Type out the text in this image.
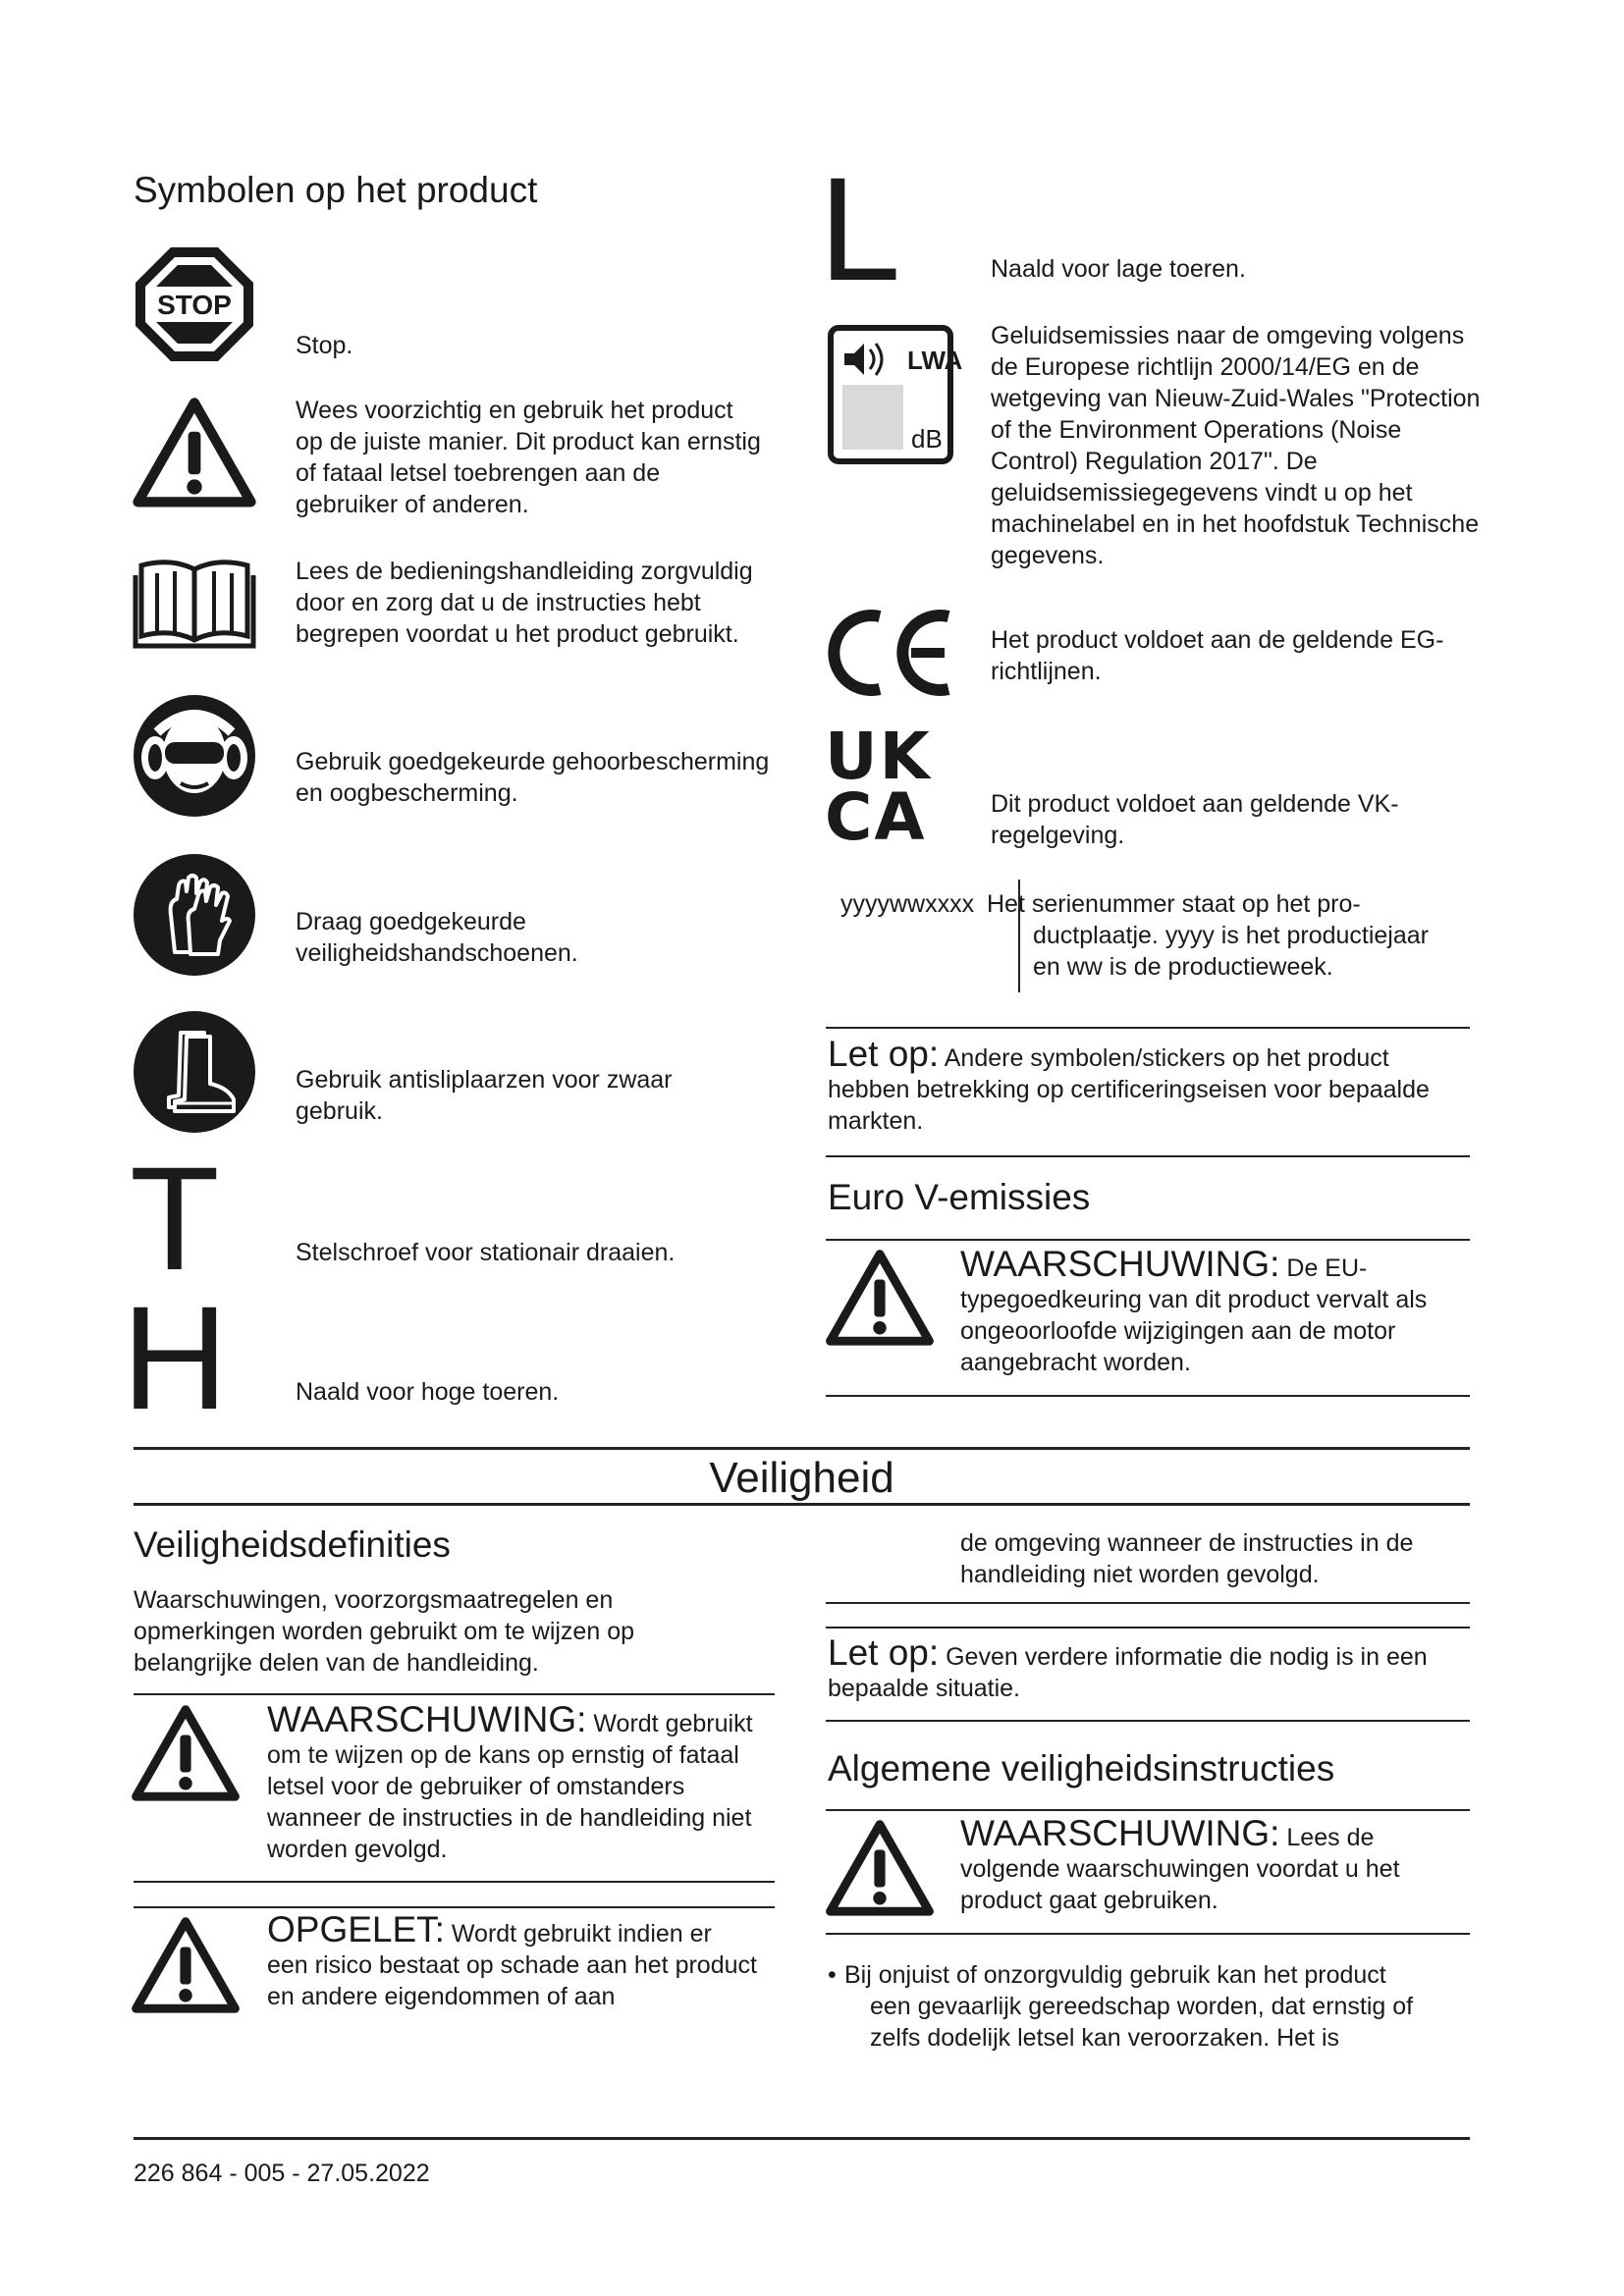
Symbolen op het product
STOP
Stop.
Wees voorzichtig en gebruik het product op de juiste manier. Dit product kan ernstig of fataal letsel toebrengen aan de gebruiker of anderen.
Lees de bedieningshandleiding zorgvuldig door en zorg dat u de instructies hebt begrepen voordat u het product gebruikt.
Gebruik goedgekeurde gehoorbescherming en oogbescherming.
Draag goedgekeurde veiligheidshandschoenen.
Gebruik antisliplaarzen voor zwaar gebruik.
T	Stelschroef voor stationair draaien.
H	Naald voor hoge toeren.
L	Naald voor lage toeren.
LWA
dB
Geluidsemissies naar de omgeving volgens de Europese richtlijn 2000/14/EG en de wetgeving van Nieuw-Zuid-Wales "Protection of the Environment Operations (Noise Control) Regulation 2017". De geluidsemissiegegevens vindt u op het machinelabel en in het hoofdstuk Technische gegevens.
Het product voldoet aan de geldende EG-richtlijnen.
UK
CA	Dit product voldoet aan geldende VK-regelgeving.
yyyywwxxxx Het serienummer staat op het pro-
ductplaatje. yyyy is het productiejaar
en ww is de productieweek.
Let op: Andere symbolen/stickers op het product hebben betrekking op certificeringseisen voor bepaalde markten.
Euro V-emissies
WAARSCHUWING: De EU-typegoedkeuring van dit product vervalt als ongeoorloofde wijzigingen aan de motor aangebracht worden.
Veiligheid
Veiligheidsdefinities
Waarschuwingen, voorzorgsmaatregelen en opmerkingen worden gebruikt om te wijzen op belangrijke delen van de handleiding.
WAARSCHUWING: Wordt gebruikt om te wijzen op de kans op ernstig of fataal letsel voor de gebruiker of omstanders wanneer de instructies in de handleiding niet worden gevolgd.
OPGELET: Wordt gebruikt indien er een risico bestaat op schade aan het product en andere eigendommen of aan
de omgeving wanneer de instructies in de handleiding niet worden gevolgd.
Let op: Geven verdere informatie die nodig is in een bepaalde situatie.
Algemene veiligheidsinstructies
WAARSCHUWING: Lees de volgende waarschuwingen voordat u het product gaat gebruiken.
• Bij onjuist of onzorgvuldig gebruik kan het product een gevaarlijk gereedschap worden, dat ernstig of zelfs dodelijk letsel kan veroorzaken. Het is
226 864 - 005 - 27.05.2022
